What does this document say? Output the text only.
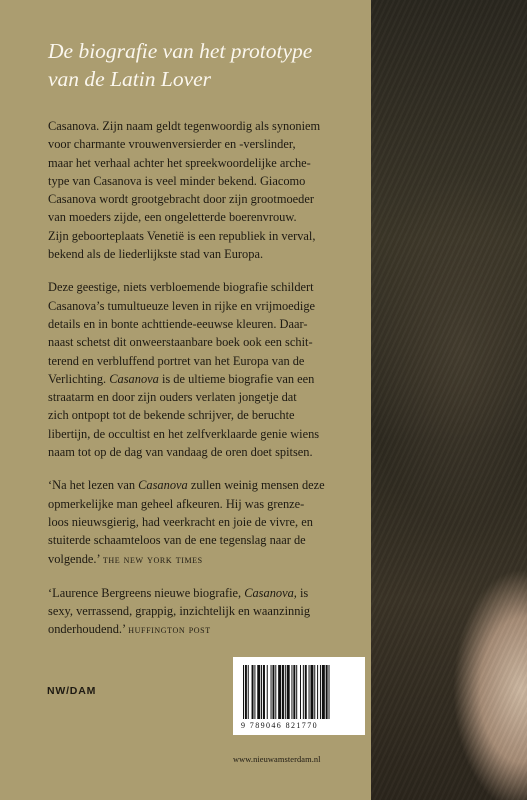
De biografie van het prototype
van de Latin Lover

Casanova. Zijn naam geldt tegenwoordig als synoniem
voor charmante vrouwenversierder en -verslinder,
maar het verhaal achter het spreekwoordelijke arche-
type van Casanova is veel minder bekend. Giacomo
Casanova wordt grootgebracht door zijn grootmoeder
van moeders zijde, een ongeletterde boerenvrouw.
Zijn geboorteplaats Venetië is een republiek in verval,
bekend als de liederlijkste stad van Europa.

Deze geestige, niets verbloemende biografie schildert
Casanova’s tumultueuze leven in rijke en vrijmoedige
details en in bonte achttiende-eeuwse kleuren. Daar-
naast schetst dit onweerstaanbare boek ook een schit-
terend en verbluffend portret van het Europa van de
Verlichting. Casanova is de ultieme biografie van een
straatarm en door zijn ouders verlaten jongetje dat
zich ontpopt tot de bekende schrijver, de beruchte
libertijn, de occultist en het zelfverklaarde genie wiens
naam tot op de dag van vandaag de oren doet spitsen.

‘Na het lezen van Casanova zullen weinig mensen deze
opmerkelijke man geheel afkeuren. Hij was grenze-
loos nieuwsgierig, had veerkracht en joie de vivre, en
stuiterde schaamteloos van de ene tegenslag naar de
volgende.’ the new york times

‘Laurence Bergreens nieuwe biografie, Casanova, is
sexy, verrassend, grappig, inzichtelijk en waanzinnig
onderhoudend.’ huffington post

NW/DAM
9 789046 821770
www.nieuwamsterdam.nl
